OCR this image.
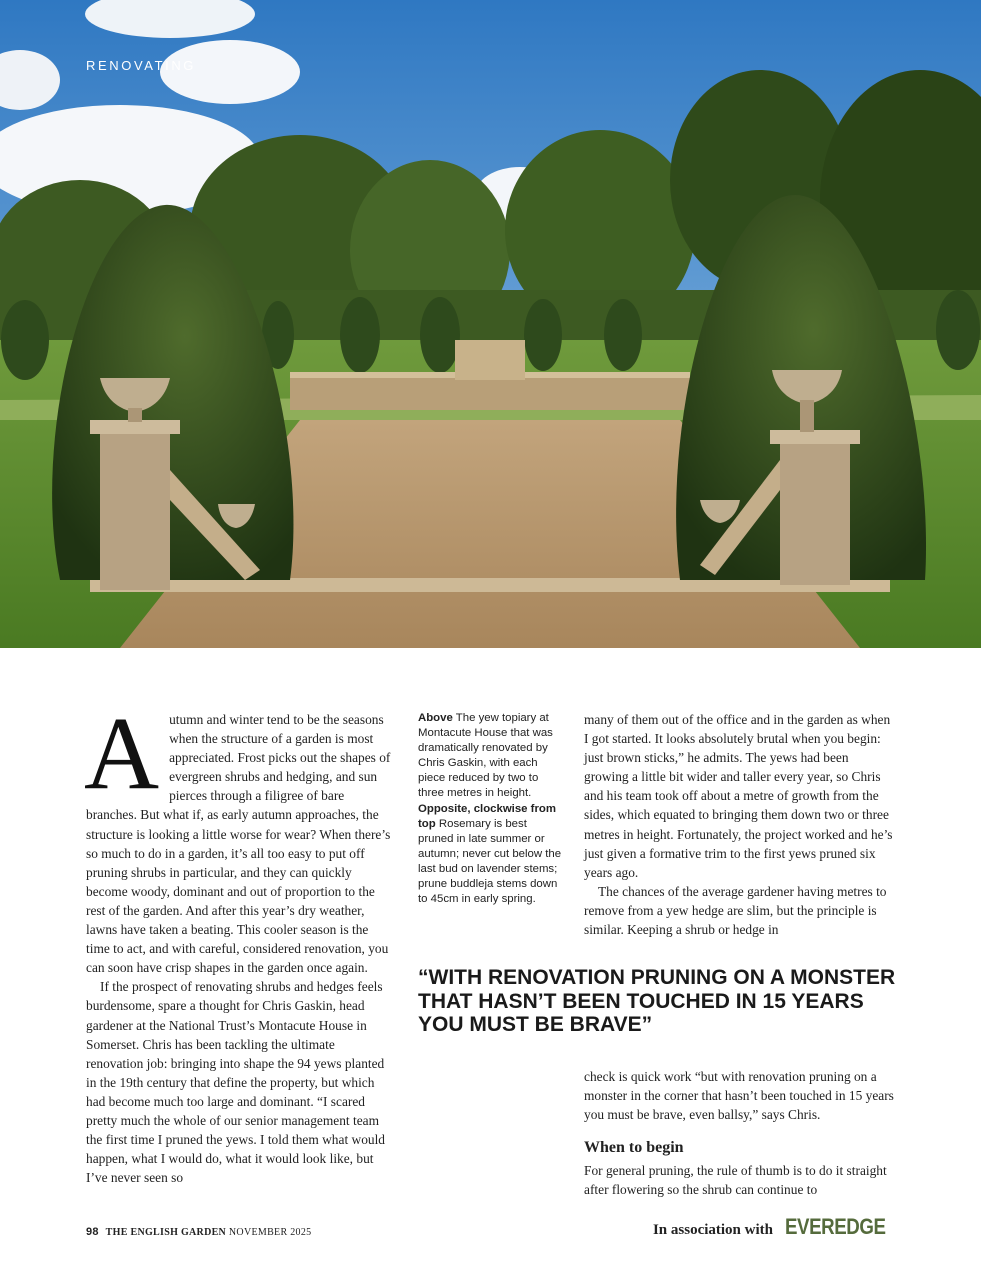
RENOVATING
A utumn and winter tend to be the seasons when the structure of a garden is most appreciated. Frost picks out the shapes of evergreen shrubs and hedging, and sun pierces through a filigree of bare branches. But what if, as early autumn approaches, the structure is looking a little worse for wear? When there’s so much to do in a garden, it’s all too easy to put off pruning shrubs in particular, and they can quickly become woody, dominant and out of proportion to the rest of the garden. And after this year’s dry weather, lawns have taken a beating. This cooler season is the time to act, and with careful, considered renovation, you can soon have crisp shapes in the garden once again.

If the prospect of renovating shrubs and hedges feels burdensome, spare a thought for Chris Gaskin, head gardener at the National Trust’s Montacute House in Somerset. Chris has been tackling the ultimate renovation job: bringing into shape the 94 yews planted in the 19th century that define the property, but which had become much too large and dominant. “I scared pretty much the whole of our senior management team the first time I pruned the yews. I told them what would happen, what I would do, what it would look like, but I’ve never seen so

Above The yew topiary at Montacute House that was dramatically renovated by Chris Gaskin, with each piece reduced by two to three metres in height. Opposite, clockwise from top Rosemary is best pruned in late summer or autumn; never cut below the last bud on lavender stems; prune buddleja stems down to 45cm in early spring.

many of them out of the office and in the garden as when I got started. It looks absolutely brutal when you begin: just brown sticks,” he admits. The yews had been growing a little bit wider and taller every year, so Chris and his team took off about a metre of growth from the sides, which equated to bringing them down two or three metres in height. Fortunately, the project worked and he’s just given a formative trim to the first yews pruned six years ago.

The chances of the average gardener having metres to remove from a yew hedge are slim, but the principle is similar. Keeping a shrub or hedge in

“WITH RENOVATION PRUNING ON A MONSTER THAT HASN’T BEEN TOUCHED IN 15 YEARS YOU MUST BE BRAVE”

check is quick work “but with renovation pruning on a monster in the corner that hasn’t been touched in 15 years you must be brave, even ballsy,” says Chris.

When to begin

For general pruning, the rule of thumb is to do it straight after flowering so the shrub can continue to

98 THE ENGLISH GARDEN NOVEMBER 2025	In association with EVEREDGE
